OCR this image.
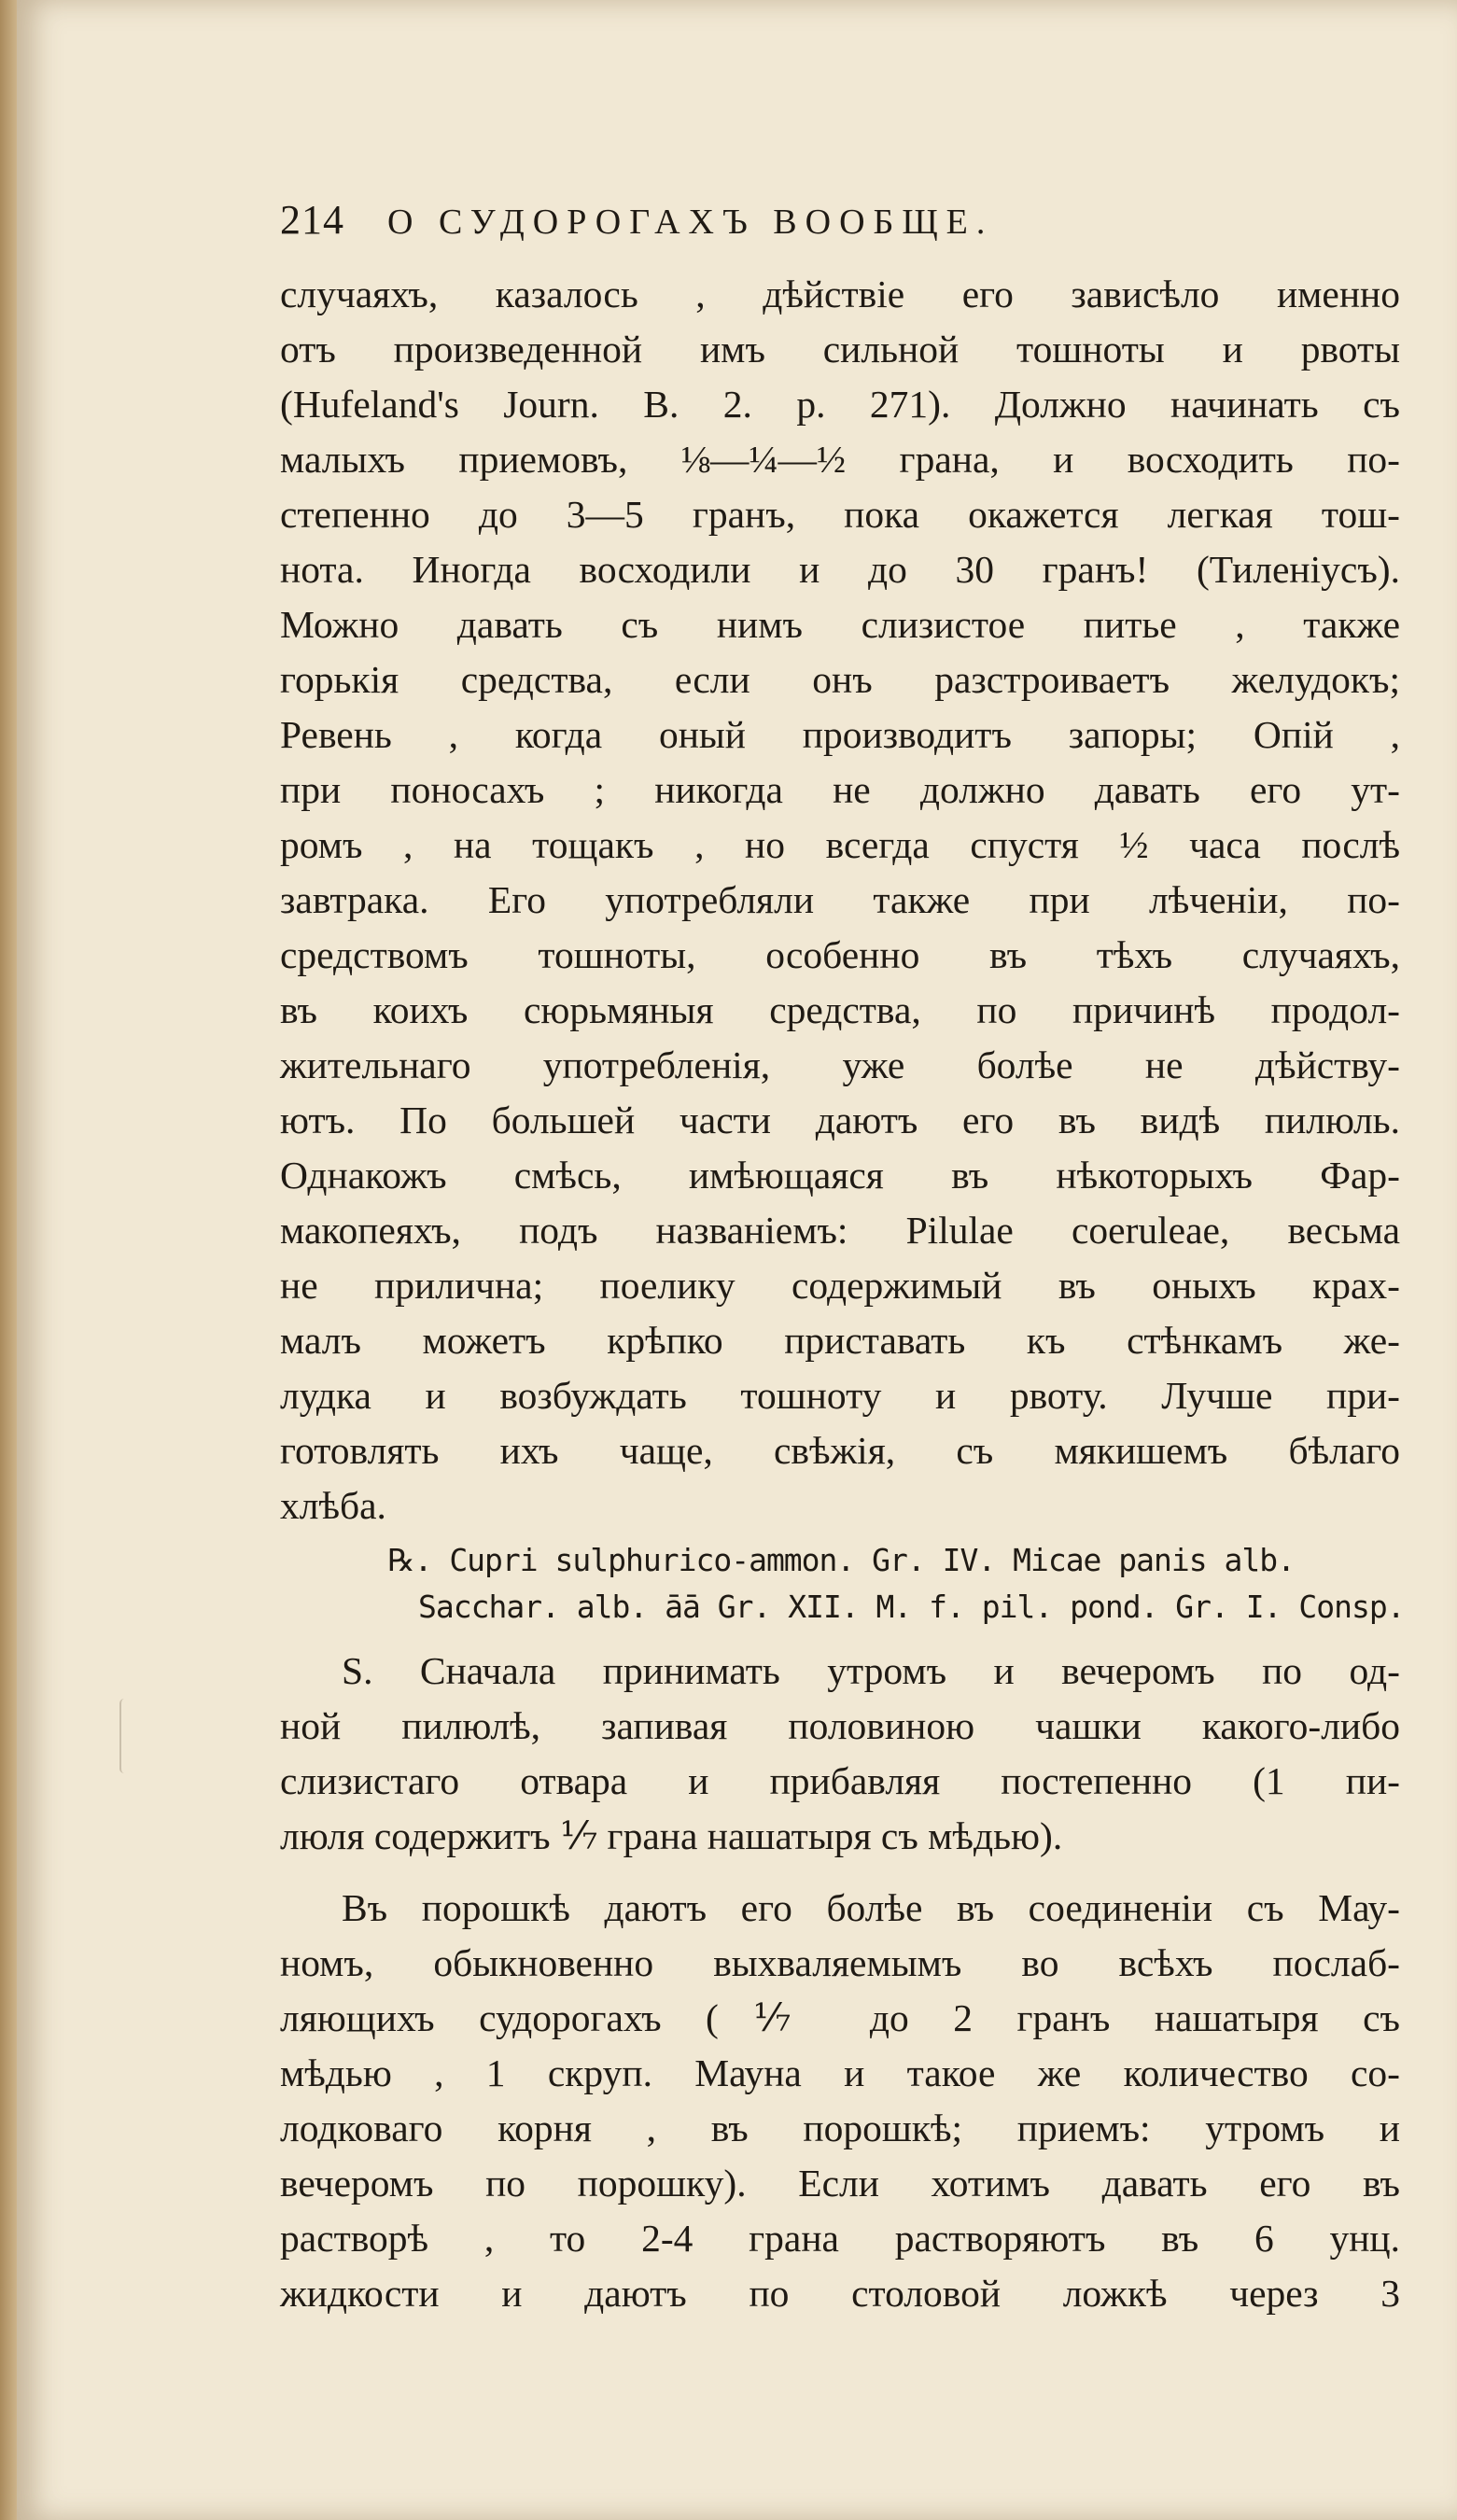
214	О СУДОРОГАХЪ ВООБЩЕ.
случаяхъ, казалось , дѣйствіе его зависѣло именно
отъ произведенной имъ сильной тошноты и рвоты
(Hufeland's Journ. B. 2. p. 271). Должно начинать съ
малыхъ приемовъ, ⅛—¼—½ грана, и восходить по-
степенно до 3—5 гранъ, пока окажется легкая тош-
нота. Иногда восходили и до 30 гранъ! (Тиленіусъ).
Можно давать съ нимъ слизистое питье , также
горькія средства, если онъ разстроиваетъ желудокъ;
Ревень , когда оный производитъ запоры; Опій ,
при поносахъ ; никогда не должно давать его ут-
ромъ , на тощакъ , но всегда спустя ½ часа послѣ
завтрака. Его употребляли также при лѣченіи, по-
средствомъ тошноты, особенно въ тѣхъ случаяхъ,
въ коихъ сюрьмяныя средства, по причинѣ продол-
жительнаго употребленія, уже болѣе не дѣйству-
ютъ. По большей части даютъ его въ видѣ пилюль.
Однакожъ смѣсь, имѣющаяся въ нѣкоторыхъ Фар-
макопеяхъ, подъ названіемъ: Pilulae coeruleae, весьма
не прилична; поелику содержимый въ оныхъ крах-
малъ можетъ крѣпко приставать къ стѣнкамъ же-
лудка и возбуждать тошноту и рвоту. Лучше при-
готовлять ихъ чаще, свѣжія, съ мякишемъ бѣлаго
хлѣба.
℞. Cupri sulphurico-ammon. Gr. IV. Micae panis alb.
Sacchar. alb. āā Gr. XII. M. f. pil. pond. Gr. I. Consp.
S. Сначала принимать утромъ и вечеромъ по од-
ной пилюлѣ, запивая половиною чашки какого-либо
слизистаго отвара и прибавляя постепенно (1 пи-
люля содержитъ ⅐ грана нашатыря съ мѣдью).
Въ порошкѣ даютъ его болѣе въ соединеніи съ Мау-
номъ, обыкновенно выхваляемымъ во всѣхъ послаб-
ляющихъ судорогахъ (⅐ до 2 гранъ нашатыря съ
мѣдью , 1 скруп. Мауна и такое же количество со-
лодковаго корня , въ порошкѣ; приемъ: утромъ и
вечеромъ по порошку). Если хотимъ давать его въ
растворѣ , то 2-4 грана растворяютъ въ 6 унц.
жидкости и даютъ по столовой ложкѣ через 3
